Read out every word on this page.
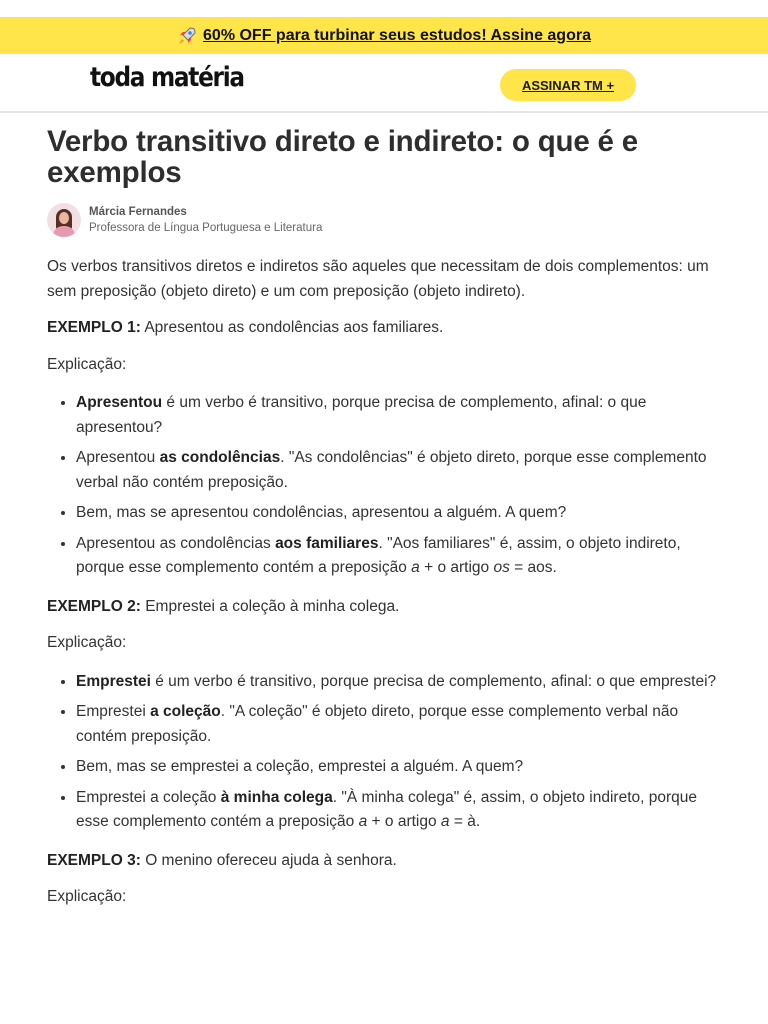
60% OFF para turbinar seus estudos! Assine agora
toda matéria	ASSINAR TM +
Verbo transitivo direto e indireto: o que é e exemplos
Márcia Fernandes
Professora de Língua Portuguesa e Literatura

Os verbos transitivos diretos e indiretos são aqueles que necessitam de dois complementos: um sem preposição (objeto direto) e um com preposição (objeto indireto).

EXEMPLO 1: Apresentou as condolências aos familiares.

Explicação:

• Apresentou é um verbo é transitivo, porque precisa de complemento, afinal: o que apresentou?
• Apresentou as condolências. "As condolências" é objeto direto, porque esse complemento verbal não contém preposição.
• Bem, mas se apresentou condolências, apresentou a alguém. A quem?
• Apresentou as condolências aos familiares. "Aos familiares" é, assim, o objeto indireto, porque esse complemento contém a preposição a + o artigo os = aos.

EXEMPLO 2: Emprestei a coleção à minha colega.

Explicação:

• Emprestei é um verbo é transitivo, porque precisa de complemento, afinal: o que emprestei?
• Emprestei a coleção. "A coleção" é objeto direto, porque esse complemento verbal não contém preposição.
• Bem, mas se emprestei a coleção, emprestei a alguém. A quem?
• Emprestei a coleção à minha colega. "À minha colega" é, assim, o objeto indireto, porque esse complemento contém a preposição a + o artigo a = à.

EXEMPLO 3: O menino ofereceu ajuda à senhora.

Explicação:
